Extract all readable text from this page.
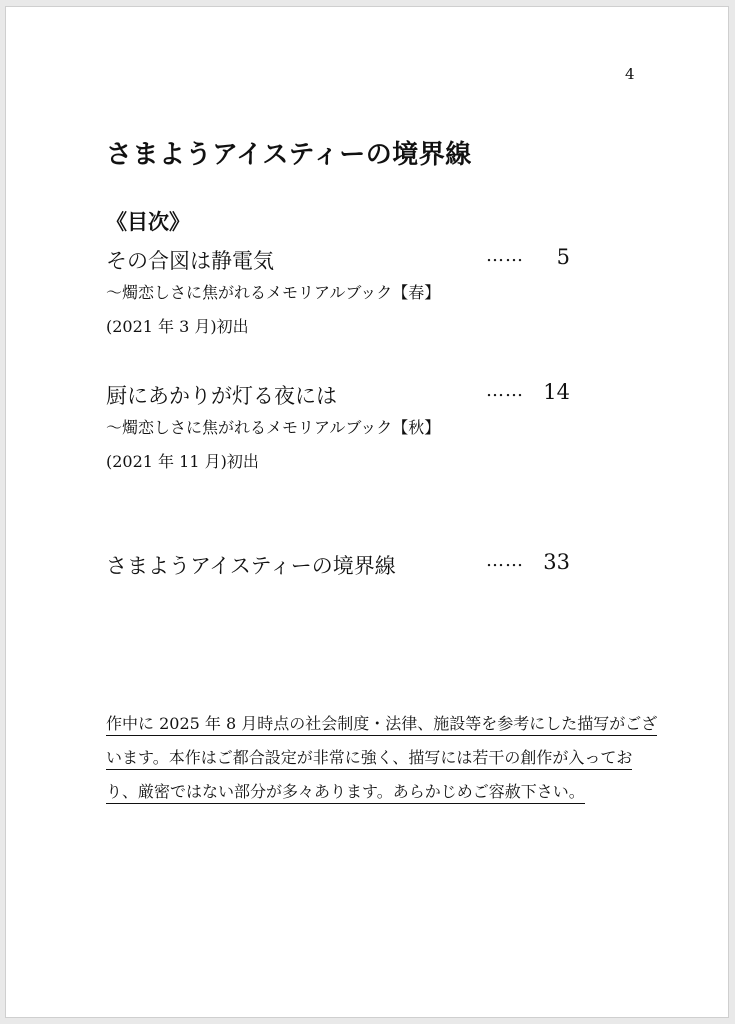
4
さまようアイスティーの境界線
《目次》
その合図は静電気	…… 5
～燭恋しさに焦がれるメモリアルブック【春】
(2021 年 3 月)初出
厨にあかりが灯る夜には	…… 14
～燭恋しさに焦がれるメモリアルブック【秋】
(2021 年 11 月)初出
さまようアイスティーの境界線	…… 33
作中に 2025 年 8 月時点の社会制度・法律、施設等を参考にした描写がござ
います。本作はご都合設定が非常に強く、描写には若干の創作が入ってお
り、厳密ではない部分が多々あります。あらかじめご容赦下さい。
